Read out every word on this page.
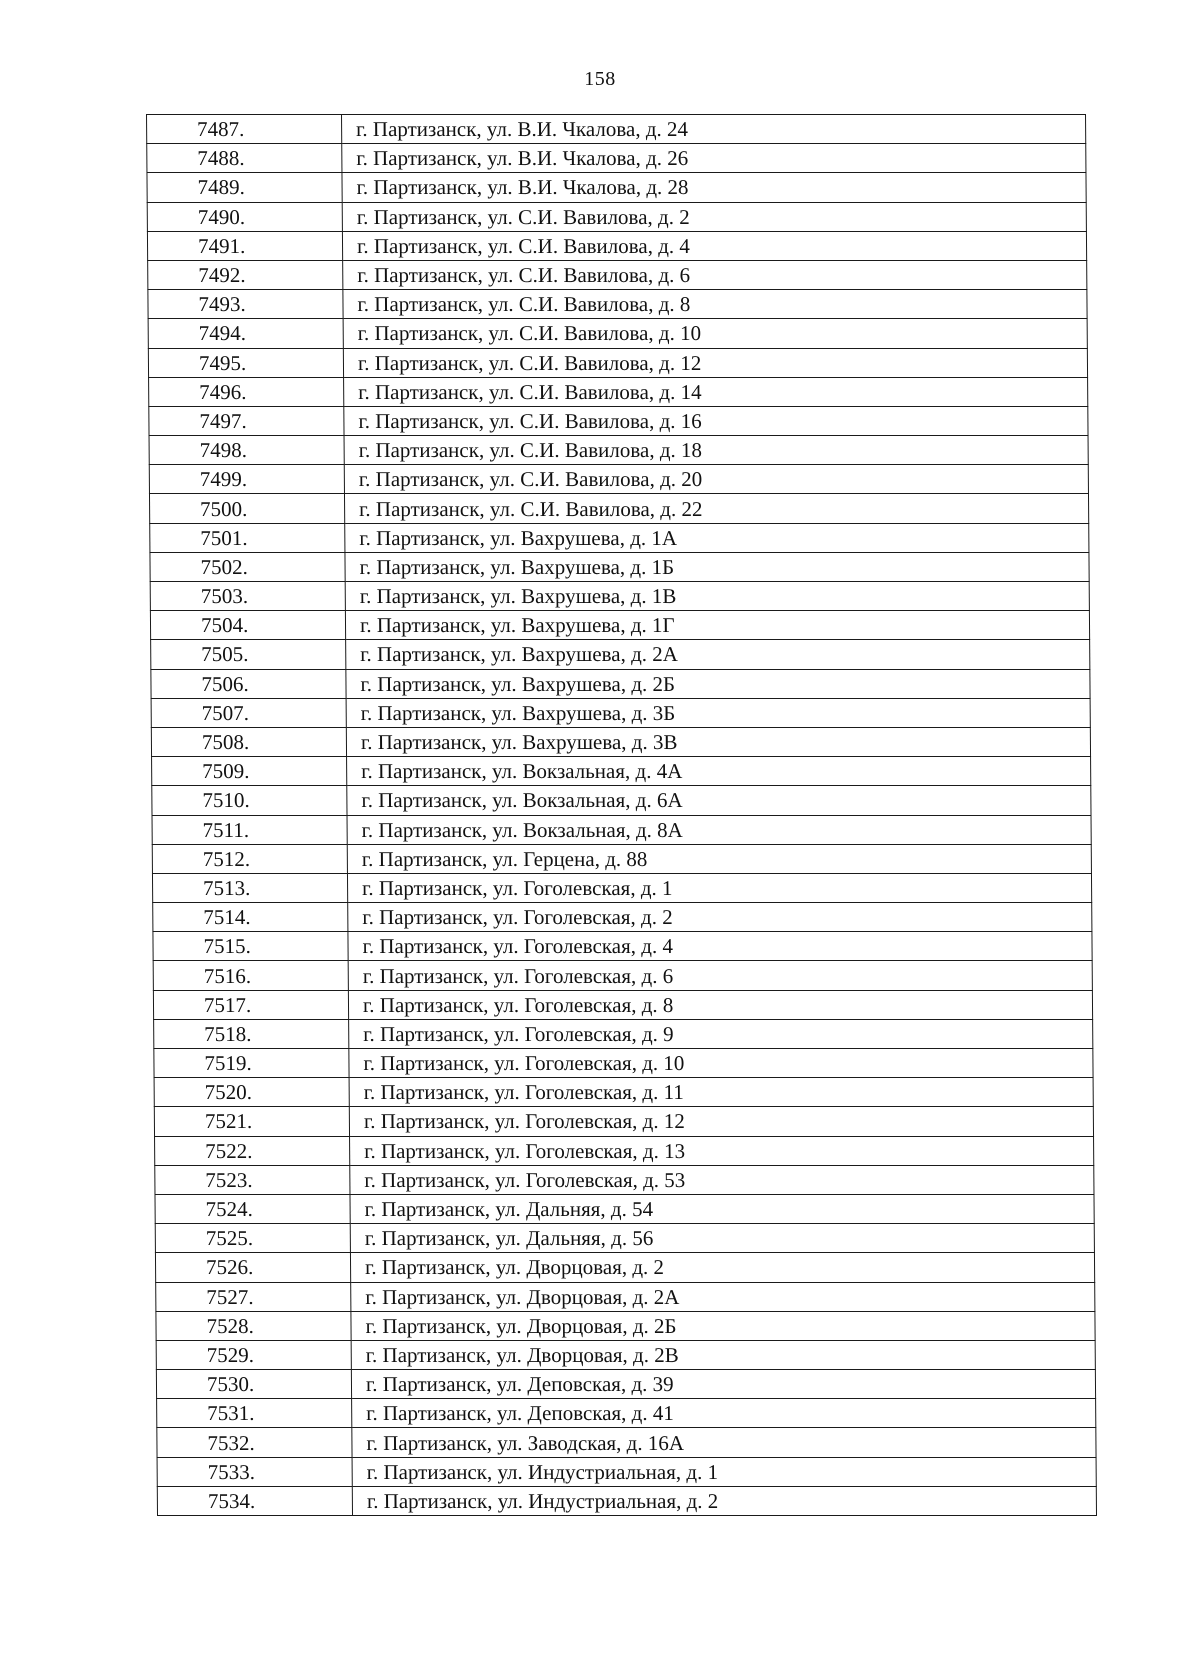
158
7487.	г. Партизанск, ул. В.И. Чкалова, д. 24
7488.	г. Партизанск, ул. В.И. Чкалова, д. 26
7489.	г. Партизанск, ул. В.И. Чкалова, д. 28
7490.	г. Партизанск, ул. С.И. Вавилова, д. 2
7491.	г. Партизанск, ул. С.И. Вавилова, д. 4
7492.	г. Партизанск, ул. С.И. Вавилова, д. 6
7493.	г. Партизанск, ул. С.И. Вавилова, д. 8
7494.	г. Партизанск, ул. С.И. Вавилова, д. 10
7495.	г. Партизанск, ул. С.И. Вавилова, д. 12
7496.	г. Партизанск, ул. С.И. Вавилова, д. 14
7497.	г. Партизанск, ул. С.И. Вавилова, д. 16
7498.	г. Партизанск, ул. С.И. Вавилова, д. 18
7499.	г. Партизанск, ул. С.И. Вавилова, д. 20
7500.	г. Партизанск, ул. С.И. Вавилова, д. 22
7501.	г. Партизанск, ул. Вахрушева, д. 1А
7502.	г. Партизанск, ул. Вахрушева, д. 1Б
7503.	г. Партизанск, ул. Вахрушева, д. 1В
7504.	г. Партизанск, ул. Вахрушева, д. 1Г
7505.	г. Партизанск, ул. Вахрушева, д. 2А
7506.	г. Партизанск, ул. Вахрушева, д. 2Б
7507.	г. Партизанск, ул. Вахрушева, д. 3Б
7508.	г. Партизанск, ул. Вахрушева, д. 3В
7509.	г. Партизанск, ул. Вокзальная, д. 4А
7510.	г. Партизанск, ул. Вокзальная, д. 6А
7511.	г. Партизанск, ул. Вокзальная, д. 8А
7512.	г. Партизанск, ул. Герцена, д. 88
7513.	г. Партизанск, ул. Гоголевская, д. 1
7514.	г. Партизанск, ул. Гоголевская, д. 2
7515.	г. Партизанск, ул. Гоголевская, д. 4
7516.	г. Партизанск, ул. Гоголевская, д. 6
7517.	г. Партизанск, ул. Гоголевская, д. 8
7518.	г. Партизанск, ул. Гоголевская, д. 9
7519.	г. Партизанск, ул. Гоголевская, д. 10
7520.	г. Партизанск, ул. Гоголевская, д. 11
7521.	г. Партизанск, ул. Гоголевская, д. 12
7522.	г. Партизанск, ул. Гоголевская, д. 13
7523.	г. Партизанск, ул. Гоголевская, д. 53
7524.	г. Партизанск, ул. Дальняя, д. 54
7525.	г. Партизанск, ул. Дальняя, д. 56
7526.	г. Партизанск, ул. Дворцовая, д. 2
7527.	г. Партизанск, ул. Дворцовая, д. 2А
7528.	г. Партизанск, ул. Дворцовая, д. 2Б
7529.	г. Партизанск, ул. Дворцовая, д. 2В
7530.	г. Партизанск, ул. Деповская, д. 39
7531.	г. Партизанск, ул. Деповская, д. 41
7532.	г. Партизанск, ул. Заводская, д. 16А
7533.	г. Партизанск, ул. Индустриальная, д. 1
7534.	г. Партизанск, ул. Индустриальная, д. 2
